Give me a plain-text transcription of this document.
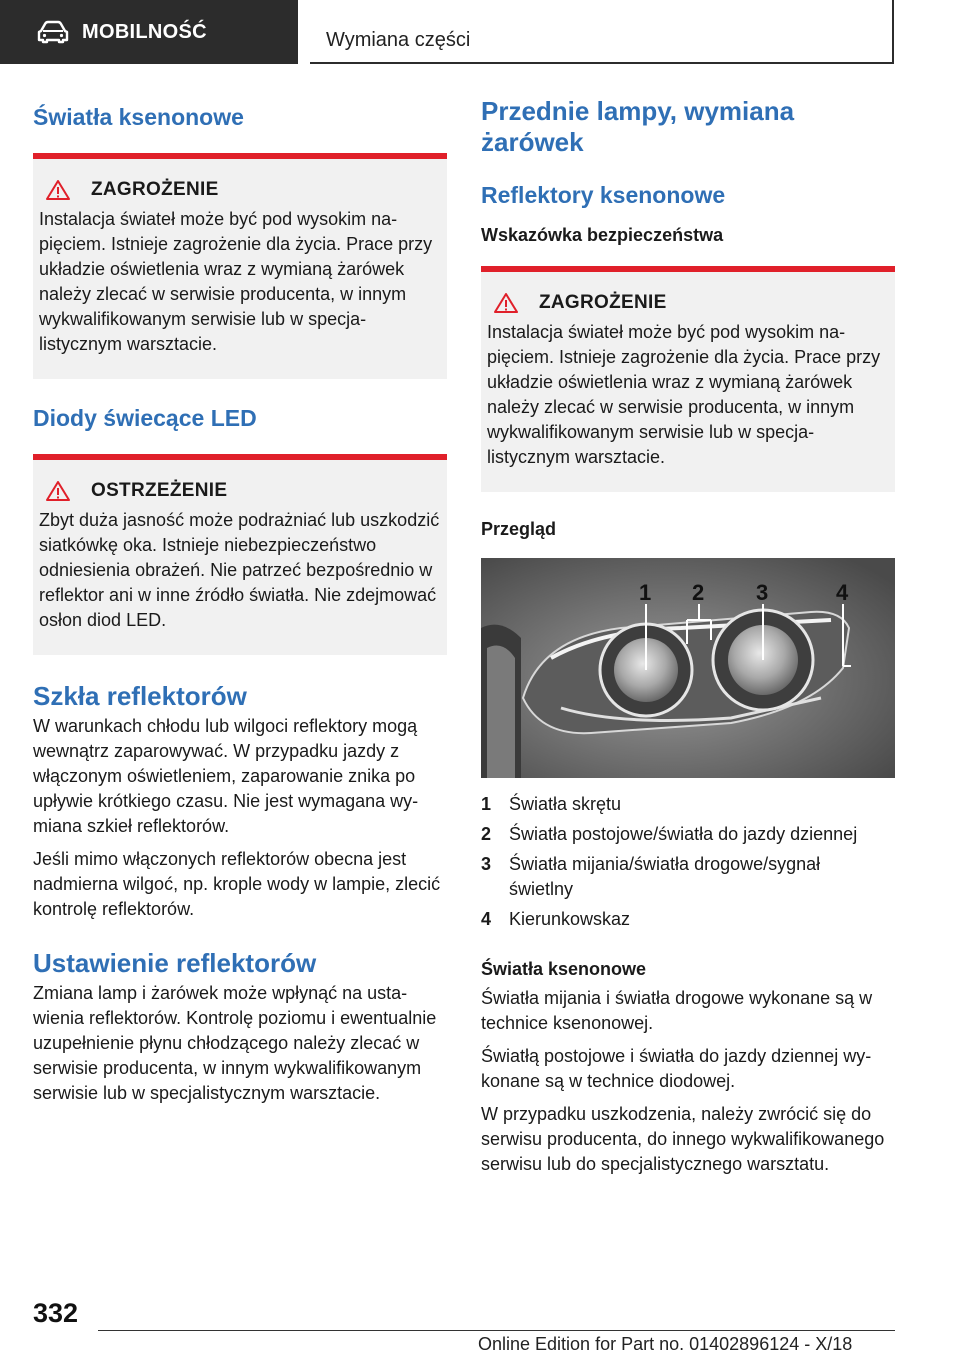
MOBILNOŚĆ	Wymiana części
Światła ksenonowe
ZAGROŻENIE

Instalacja świateł może być pod wysokim napięciem. Istnieje zagrożenie dla życia. Prace przy układzie oświetlenia wraz z wymianą żarówek należy zlecać w serwisie producenta, w innym wykwalifikowanym serwisie lub w specjalistycznym warsztacie.

Diody świecące LED
OSTRZEŻENIE

Zbyt duża jasność może podrażniać lub uszkodzić siatkówkę oka. Istnieje niebezpieczeństwo odniesienia obrażeń. Nie patrzeć bezpośrednio w reflektor ani w inne źródło światła. Nie zdejmować osłon diod LED.

Szkła reflektorów

W warunkach chłodu lub wilgoci reflektory mogą wewnątrz zaparowywać. W przypadku jazdy z włączonym oświetleniem, zaparowanie znika po upływie krótkiego czasu. Nie jest wymagana wymiana szkieł reflektorów.

Jeśli mimo włączonych reflektorów obecna jest nadmierna wilgoć, np. krople wody w lampie, zlecić kontrolę reflektorów.

Ustawienie reflektorów

Zmiana lamp i żarówek może wpłynąć na ustawienia reflektorów. Kontrolę poziomu i ewentualnie uzupełnienie płynu chłodzącego należy zlecać w serwisie producenta, w innym wykwalifikowanym serwisie lub w specjalistycznym warsztacie.

Przednie lampy, wymiana żarówek
Reflektory ksenonowe
Wskazówka bezpieczeństwa
ZAGROŻENIE

Instalacja świateł może być pod wysokim napięciem. Istnieje zagrożenie dla życia. Prace przy układzie oświetlenia wraz z wymianą żarówek należy zlecać w serwisie producenta, w innym wykwalifikowanym serwisie lub w specjalistycznym warsztacie.

Przegląd
1 2 3	4
1 Światła skrętu
2 Światła postojowe/światła do jazdy dziennej
3 Światła mijania/światła drogowe/sygnał świetlny
4 Kierunkowskaz
Światła ksenonowe

Światła mijania i światła drogowe wykonane są w technice ksenonowej.

Światłą postojowe i światła do jazdy dziennej wykonane są w technice diodowej.

W przypadku uszkodzenia, należy zwrócić się do serwisu producenta, do innego wykwalifikowanego serwisu lub do specjalistycznego warsztatu.

332
Online Edition for Part no. 01402896124 - X/18
